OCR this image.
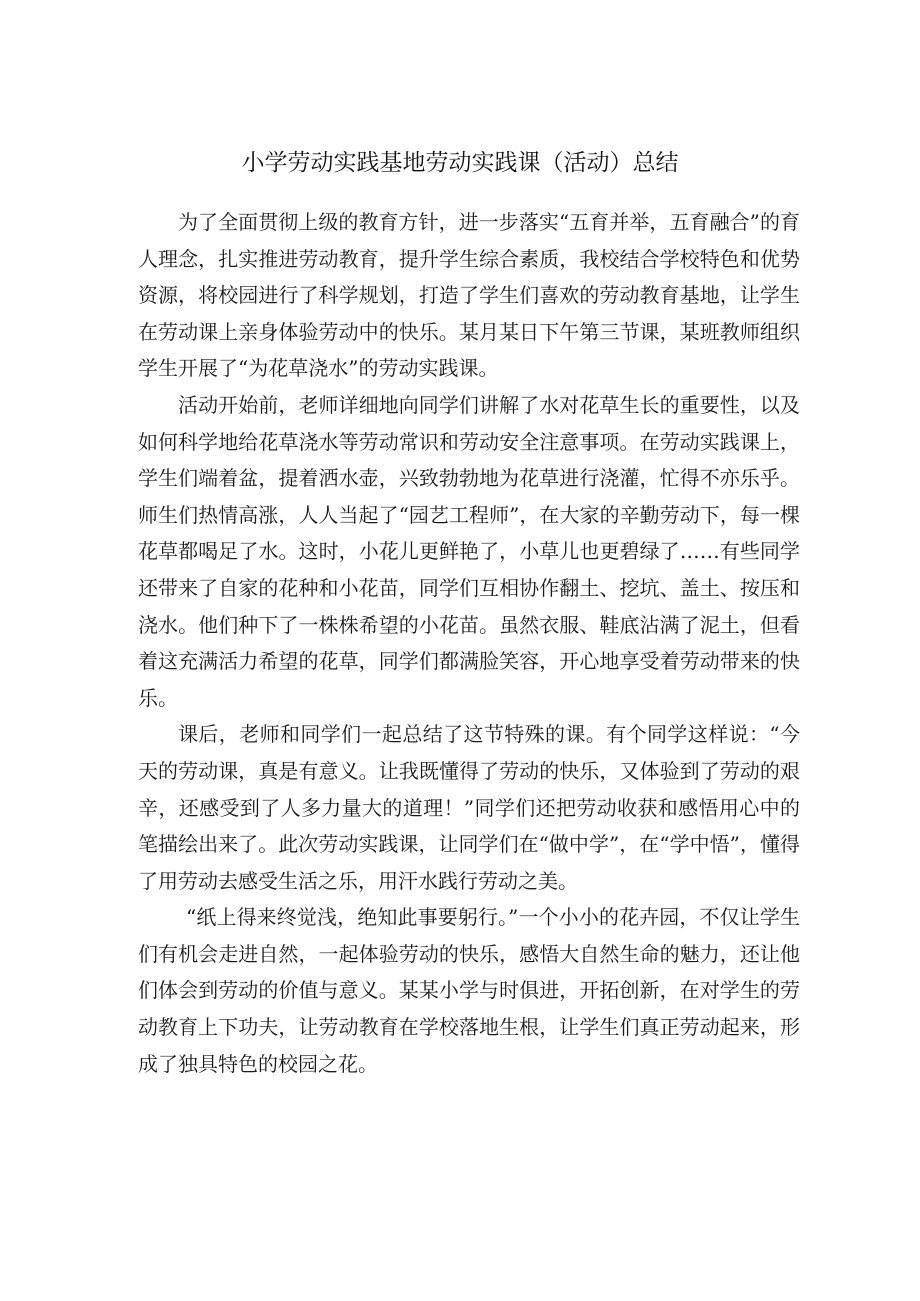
小学劳动实践基地劳动实践课（活动）总结

为了全面贯彻上级的教育方针，进一步落实“五育并举，五育融合”的育人理念，扎实推进劳动教育，提升学生综合素质，我校结合学校特色和优势资源，将校园进行了科学规划，打造了学生们喜欢的劳动教育基地，让学生在劳动课上亲身体验劳动中的快乐。某月某日下午第三节课，某班教师组织学生开展了“为花草浇水”的劳动实践课。

活动开始前，老师详细地向同学们讲解了水对花草生长的重要性，以及如何科学地给花草浇水等劳动常识和劳动安全注意事项。在劳动实践课上，学生们端着盆，提着洒水壶，兴致勃勃地为花草进行浇灌，忙得不亦乐乎。师生们热情高涨，人人当起了“园艺工程师”，在大家的辛勤劳动下，每一棵花草都喝足了水。这时，小花儿更鲜艳了，小草儿也更碧绿了……有些同学还带来了自家的花种和小花苗，同学们互相协作翻土、挖坑、盖土、按压和浇水。他们种下了一株株希望的小花苗。虽然衣服、鞋底沾满了泥土，但看着这充满活力希望的花草，同学们都满脸笑容，开心地享受着劳动带来的快乐。

课后，老师和同学们一起总结了这节特殊的课。有个同学这样说：“今天的劳动课，真是有意义。让我既懂得了劳动的快乐，又体验到了劳动的艰辛，还感受到了人多力量大的道理！”同学们还把劳动收获和感悟用心中的笔描绘出来了。此次劳动实践课，让同学们在“做中学”，在“学中悟”，懂得了用劳动去感受生活之乐，用汗水践行劳动之美。

“纸上得来终觉浅，绝知此事要躬行。”一个小小的花卉园，不仅让学生们有机会走进自然，一起体验劳动的快乐，感悟大自然生命的魅力，还让他们体会到劳动的价值与意义。某某小学与时俱进，开拓创新，在对学生的劳动教育上下功夫，让劳动教育在学校落地生根，让学生们真正劳动起来，形成了独具特色的校园之花。
